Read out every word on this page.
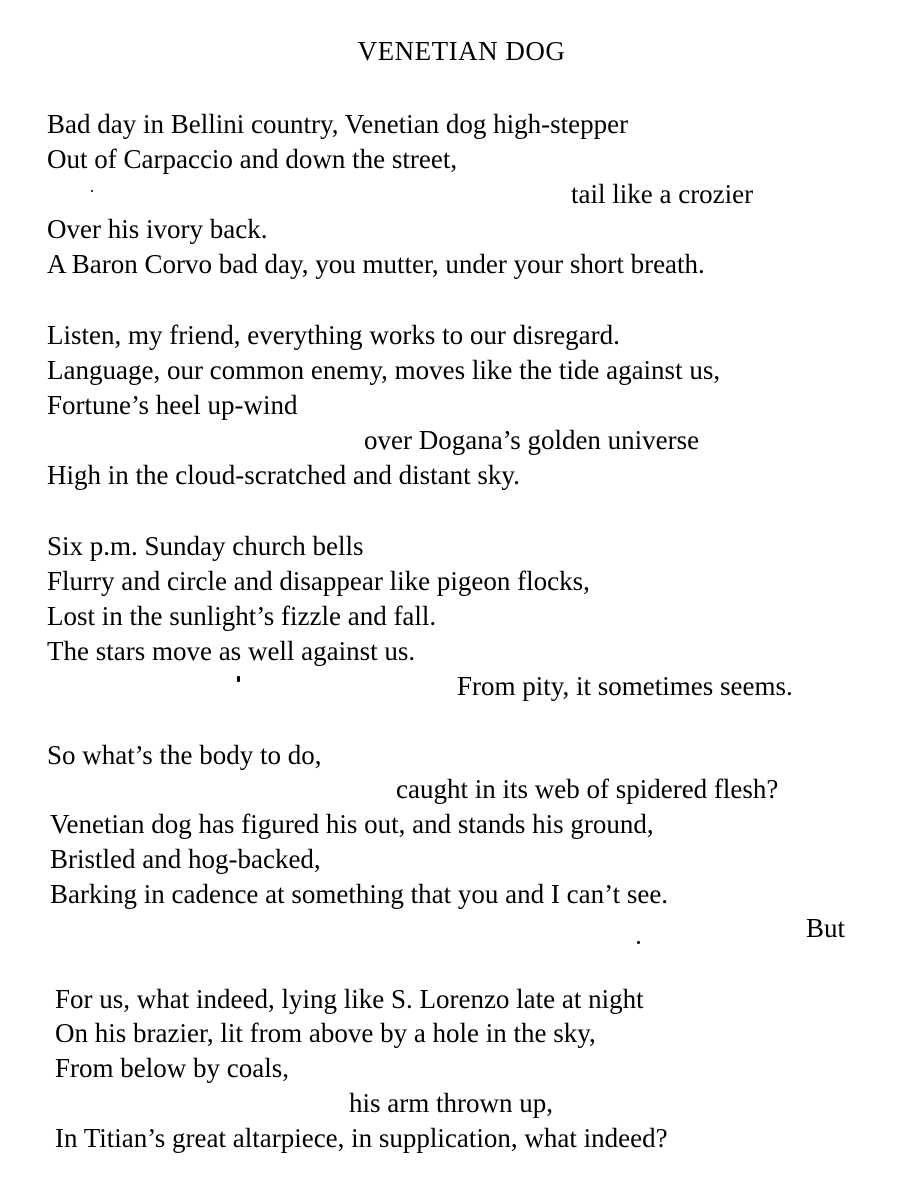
VENETIAN DOG

Bad day in Bellini country, Venetian dog high-stepper

Out of Carpaccio and down the street,

tail like a crozier

Over his ivory back.

A Baron Corvo bad day, you mutter, under your short breath.

Listen, my friend, everything works to our disregard.

Language, our common enemy, moves like the tide against us,

Fortune’s heel up-wind

over Dogana’s golden universe

High in the cloud-scratched and distant sky.

Six p.m. Sunday church bells

Flurry and circle and disappear like pigeon flocks,

Lost in the sunlight’s fizzle and fall.

The stars move as well against us.

From pity, it sometimes seems.

So what’s the body to do,

caught in its web of spidered flesh?

Venetian dog has figured his out, and stands his ground,

Bristled and hog-backed,

Barking in cadence at something that you and I can’t see.

But

For us, what indeed, lying like S. Lorenzo late at night

On his brazier, lit from above by a hole in the sky,

From below by coals,

his arm thrown up,

In Titian’s great altarpiece, in supplication, what indeed?
